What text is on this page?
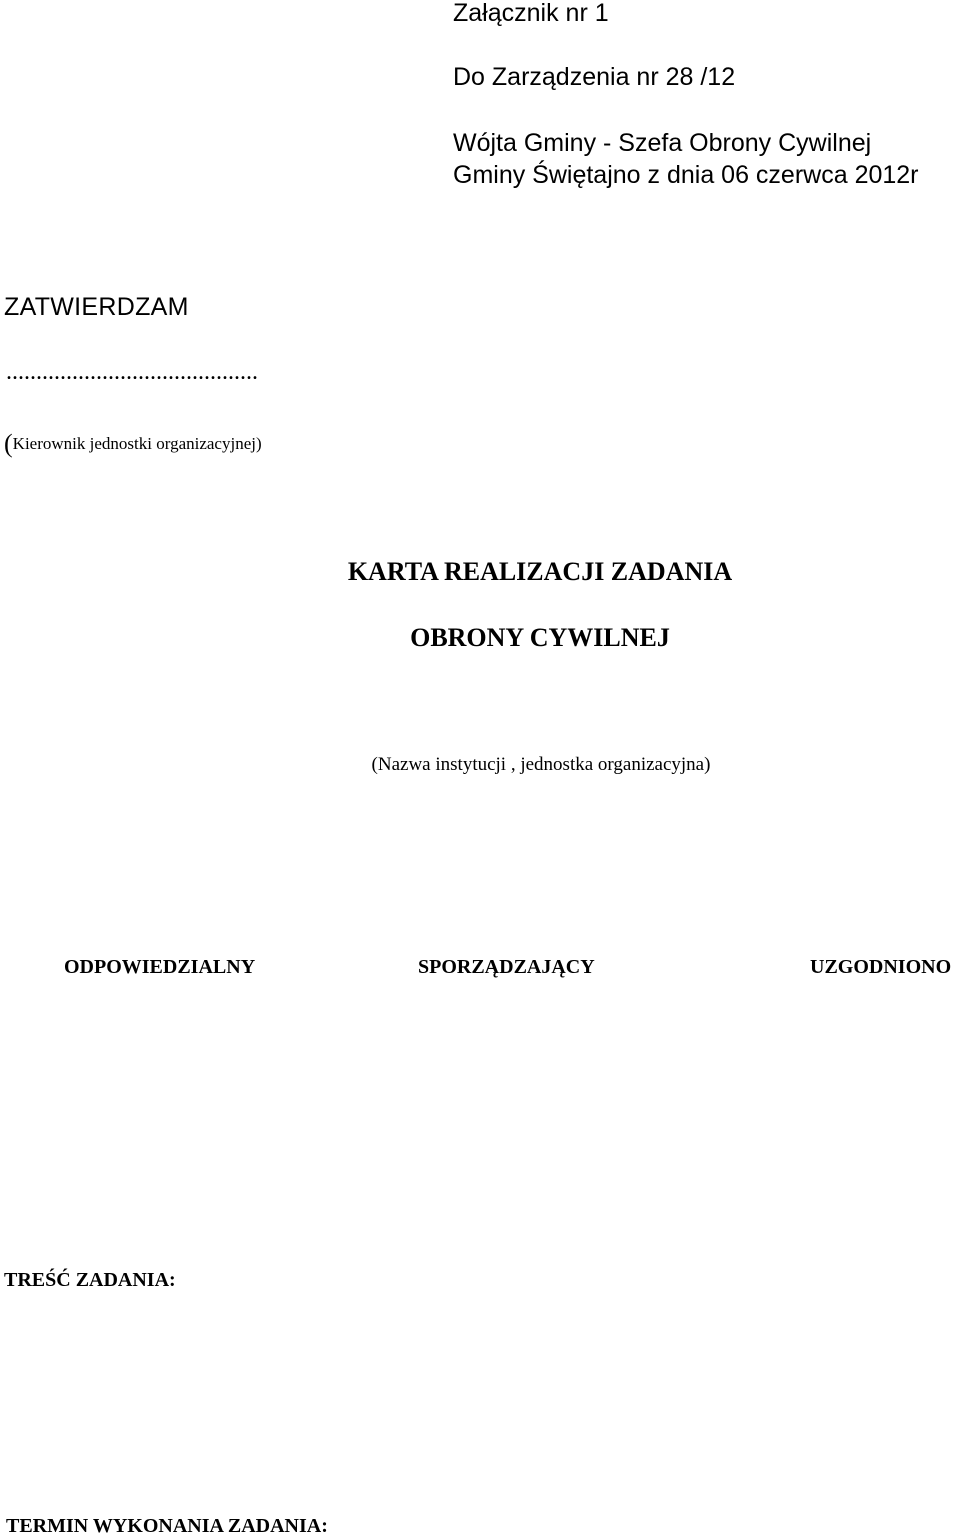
Załącznik nr 1

Do Zarządzenia nr 28 /12

Wójta Gminy - Szefa Obrony Cywilnej

Gminy Świętajno z dnia 06 czerwca 2012r

ZATWIERDZAM

..........................................

(Kierownik jednostki organizacyjnej)

KARTA REALIZACJI ZADANIA
OBRONY CYWILNEJ

(Nazwa instytucji , jednostka organizacyjna)

ODPOWIEDZIALNY	SPORZĄDZAJĄCY	UZGODNIONO

TREŚĆ ZADANIA:

TERMIN WYKONANIA ZADANIA:
